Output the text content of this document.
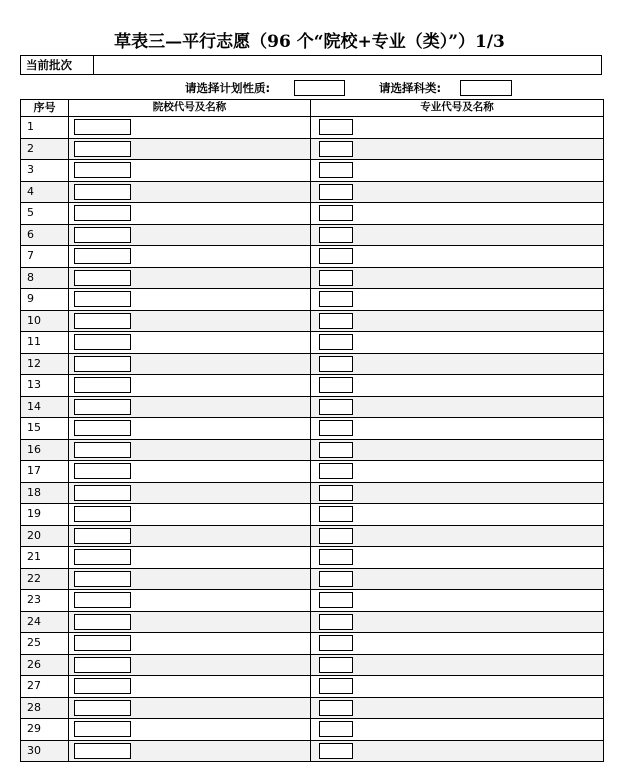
草表三—平行志愿（96 个“院校+专业（类）”）1/3
当前批次
请选择计划性质:	请选择科类:
序号	院校代号及名称	专业代号及名称
1
2
3
4
5
6
7
8
9
10
11
12
13
14
15
16
17
18
19
20
21
22
23
24
25
26
27
28
29
30
